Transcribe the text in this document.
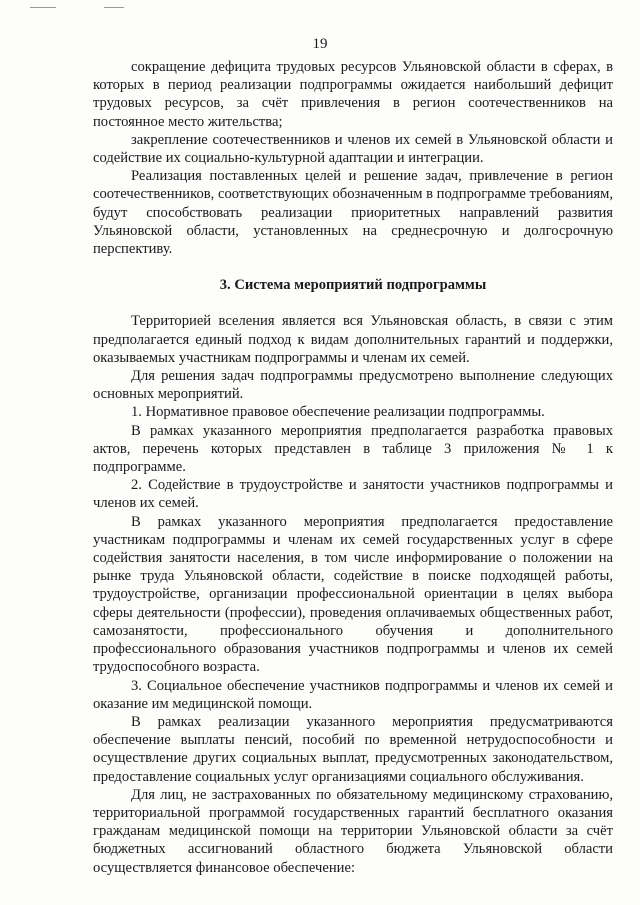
19

сокращение дефицита трудовых ресурсов Ульяновской области в сферах, в которых в период реализации подпрограммы ожидается наибольший дефицит трудовых ресурсов, за счёт привлечения в регион соотечественников на постоянное место жительства;

закрепление соотечественников и членов их семей в Ульяновской области и содействие их социально-культурной адаптации и интеграции.

Реализация поставленных целей и решение задач, привлечение в регион соотечественников, соответствующих обозначенным в подпрограмме требованиям, будут способствовать реализации приоритетных направлений развития Ульяновской области, установленных на среднесрочную и долгосрочную перспективу.

3. Система мероприятий подпрограммы

Территорией вселения является вся Ульяновская область, в связи с этим предполагается единый подход к видам дополнительных гарантий и поддержки, оказываемых участникам подпрограммы и членам их семей.

Для решения задач подпрограммы предусмотрено выполнение следующих основных мероприятий.

1. Нормативное правовое обеспечение реализации подпрограммы.

В рамках указанного мероприятия предполагается разработка правовых актов, перечень которых представлен в таблице 3 приложения № 1 к подпрограмме.

2. Содействие в трудоустройстве и занятости участников подпрограммы и членов их семей.

В рамках указанного мероприятия предполагается предоставление участникам подпрограммы и членам их семей государственных услуг в сфере содействия занятости населения, в том числе информирование о положении на рынке труда Ульяновской области, содействие в поиске подходящей работы, трудоустройстве, организации профессиональной ориентации в целях выбора сферы деятельности (профессии), проведения оплачиваемых общественных работ, самозанятости, профессионального обучения и дополнительного профессионального образования участников подпрограммы и членов их семей трудоспособного возраста.

3. Социальное обеспечение участников подпрограммы и членов их семей и оказание им медицинской помощи.

В рамках реализации указанного мероприятия предусматриваются обеспечение выплаты пенсий, пособий по временной нетрудоспособности и осуществление других социальных выплат, предусмотренных законодательством, предоставление социальных услуг организациями социального обслуживания.

Для лиц, не застрахованных по обязательному медицинскому страхованию, территориальной программой государственных гарантий бесплатного оказания гражданам медицинской помощи на территории Ульяновской области за счёт бюджетных ассигнований областного бюджета Ульяновской области осуществляется финансовое обеспечение:
